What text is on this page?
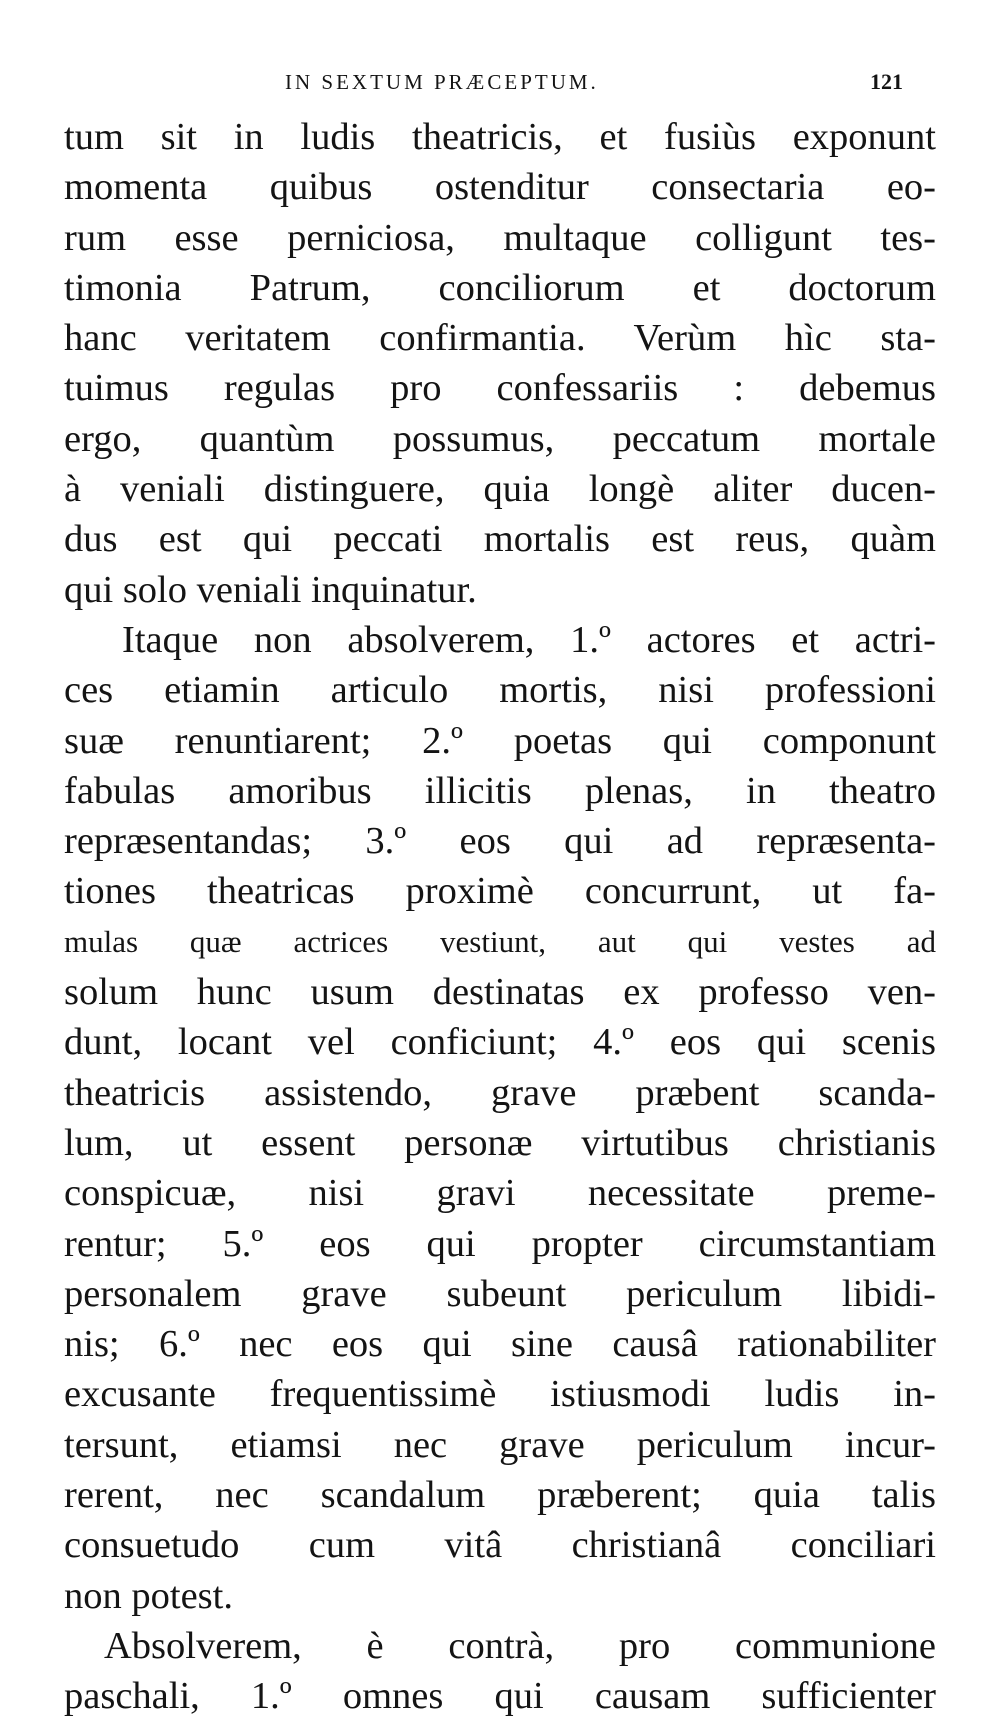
IN SEXTUM PRÆCEPTUM.	121
tum sit in ludis theatricis, et fusiùs exponunt
momenta quibus ostenditur consectaria eo-
rum esse perniciosa, multaque colligunt tes-
timonia Patrum, conciliorum et doctorum
hanc veritatem confirmantia. Verùm hìc sta-
tuimus regulas pro confessariis : debemus
ergo, quantùm possumus, peccatum mortale
à veniali distinguere, quia longè aliter ducen-
dus est qui peccati mortalis est reus, quàm
qui solo veniali inquinatur.
Itaque non absolverem, 1.º actores et actri-
ces etiamin articulo mortis, nisi professioni
suæ renuntiarent; 2.º poetas qui componunt
fabulas amoribus illicitis plenas, in theatro
repræsentandas; 3.º eos qui ad repræsenta-
tiones theatricas proximè concurrunt, ut fa-
mulas quæ actrices vestiunt, aut qui vestes ad
solum hunc usum destinatas ex professo ven-
dunt, locant vel conficiunt; 4.º eos qui scenis
theatricis assistendo, grave præbent scanda-
lum, ut essent personæ virtutibus christianis
conspicuæ, nisi gravi necessitate preme-
rentur; 5.º eos qui propter circumstantiam
personalem grave subeunt periculum libidi-
nis; 6.º nec eos qui sine causâ rationabiliter
excusante frequentissimè istiusmodi ludis in-
tersunt, etiamsi nec grave periculum incur-
rerent, nec scandalum præberent; quia talis
consuetudo cum vitâ christianâ conciliari
non potest.
Absolverem, è contrà, pro communione
paschali, 1.º omnes qui causam sufficienter
